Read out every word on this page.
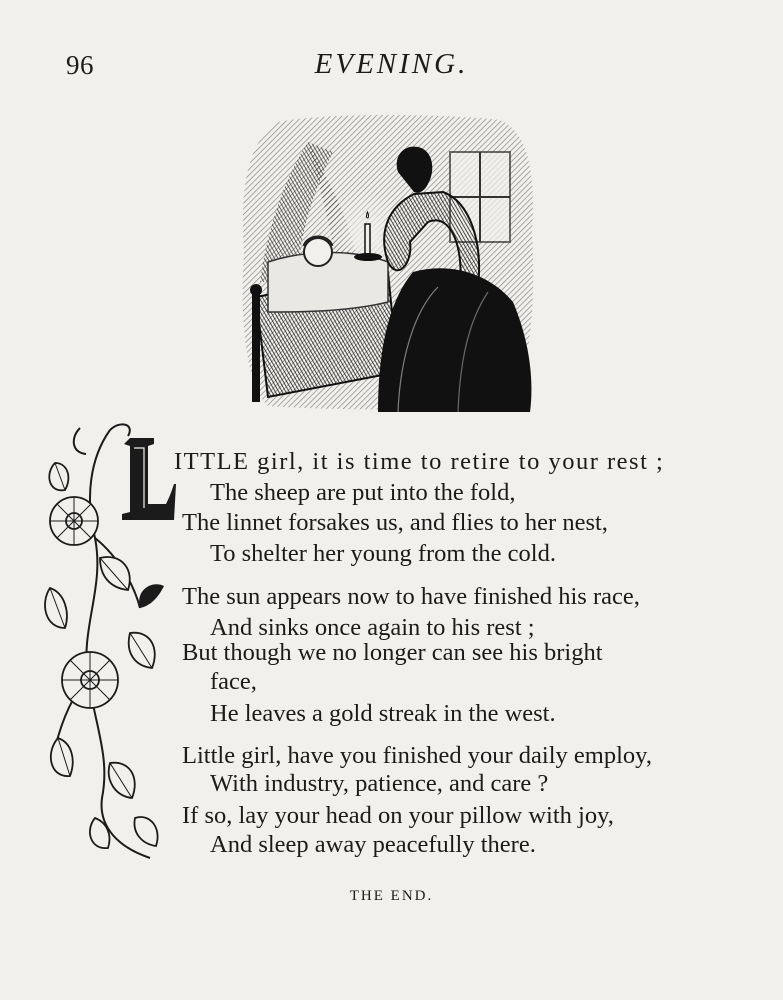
96	EVENING.
ITTLE girl, it is time to retire to your rest ;
The sheep are put into the fold,
The linnet forsakes us, and flies to her nest,
To shelter her young from the cold.
The sun appears now to have finished his race,
And sinks once again to his rest ;
But though we no longer can see his bright
face,
He leaves a gold streak in the west.
Little girl, have you finished your daily employ,
With industry, patience, and care ?
If so, lay your head on your pillow with joy,
And sleep away peacefully there.
THE END.
